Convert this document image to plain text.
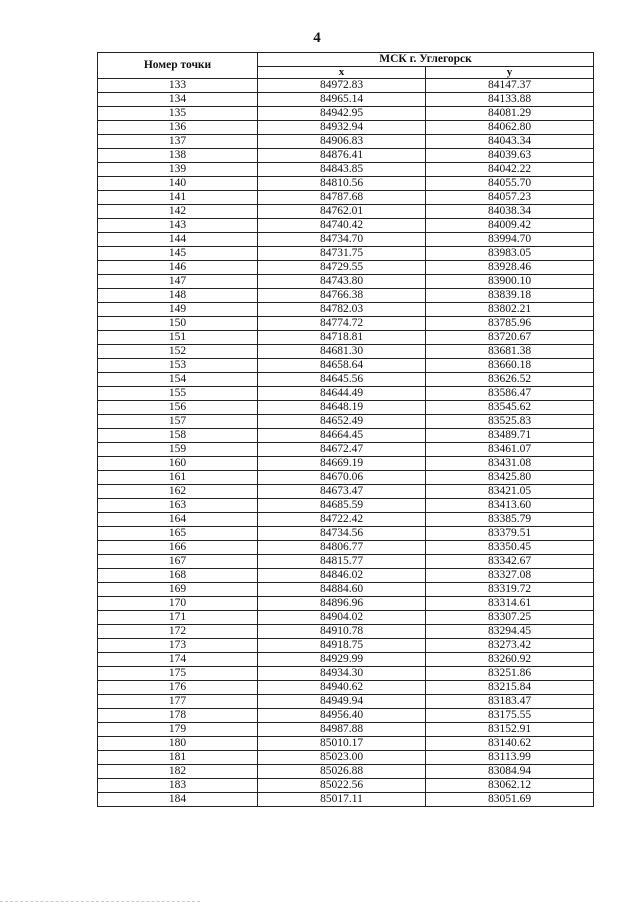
4
Номер точки	МСК г. Углегорск	
	x	y
133	84972.83	84147.37
134	84965.14	84133.88
135	84942.95	84081.29
136	84932.94	84062.80
137	84906.83	84043.34
138	84876.41	84039.63
139	84843.85	84042.22
140	84810.56	84055.70
141	84787.68	84057.23
142	84762.01	84038.34
143	84740.42	84009.42
144	84734.70	83994.70
145	84731.75	83983.05
146	84729.55	83928.46
147	84743.80	83900.10
148	84766.38	83839.18
149	84782.03	83802.21
150	84774.72	83785.96
151	84718.81	83720.67
152	84681.30	83681.38
153	84658.64	83660.18
154	84645.56	83626.52
155	84644.49	83586.47
156	84648.19	83545.62
157	84652.49	83525.83
158	84664.45	83489.71
159	84672.47	83461.07
160	84669.19	83431.08
161	84670.06	83425.80
162	84673.47	83421.05
163	84685.59	83413.60
164	84722.42	83385.79
165	84734.56	83379.51
166	84806.77	83350.45
167	84815.77	83342.67
168	84846.02	83327.08
169	84884.60	83319.72
170	84896.96	83314.61
171	84904.02	83307.25
172	84910.78	83294.45
173	84918.75	83273.42
174	84929.99	83260.92
175	84934.30	83251.86
176	84940.62	83215.84
177	84949.94	83183.47
178	84956.40	83175.55
179	84987.88	83152.91
180	85010.17	83140.62
181	85023.00	83113.99
182	85026.88	83084.94
183	85022.56	83062.12
184	85017.11	83051.69
